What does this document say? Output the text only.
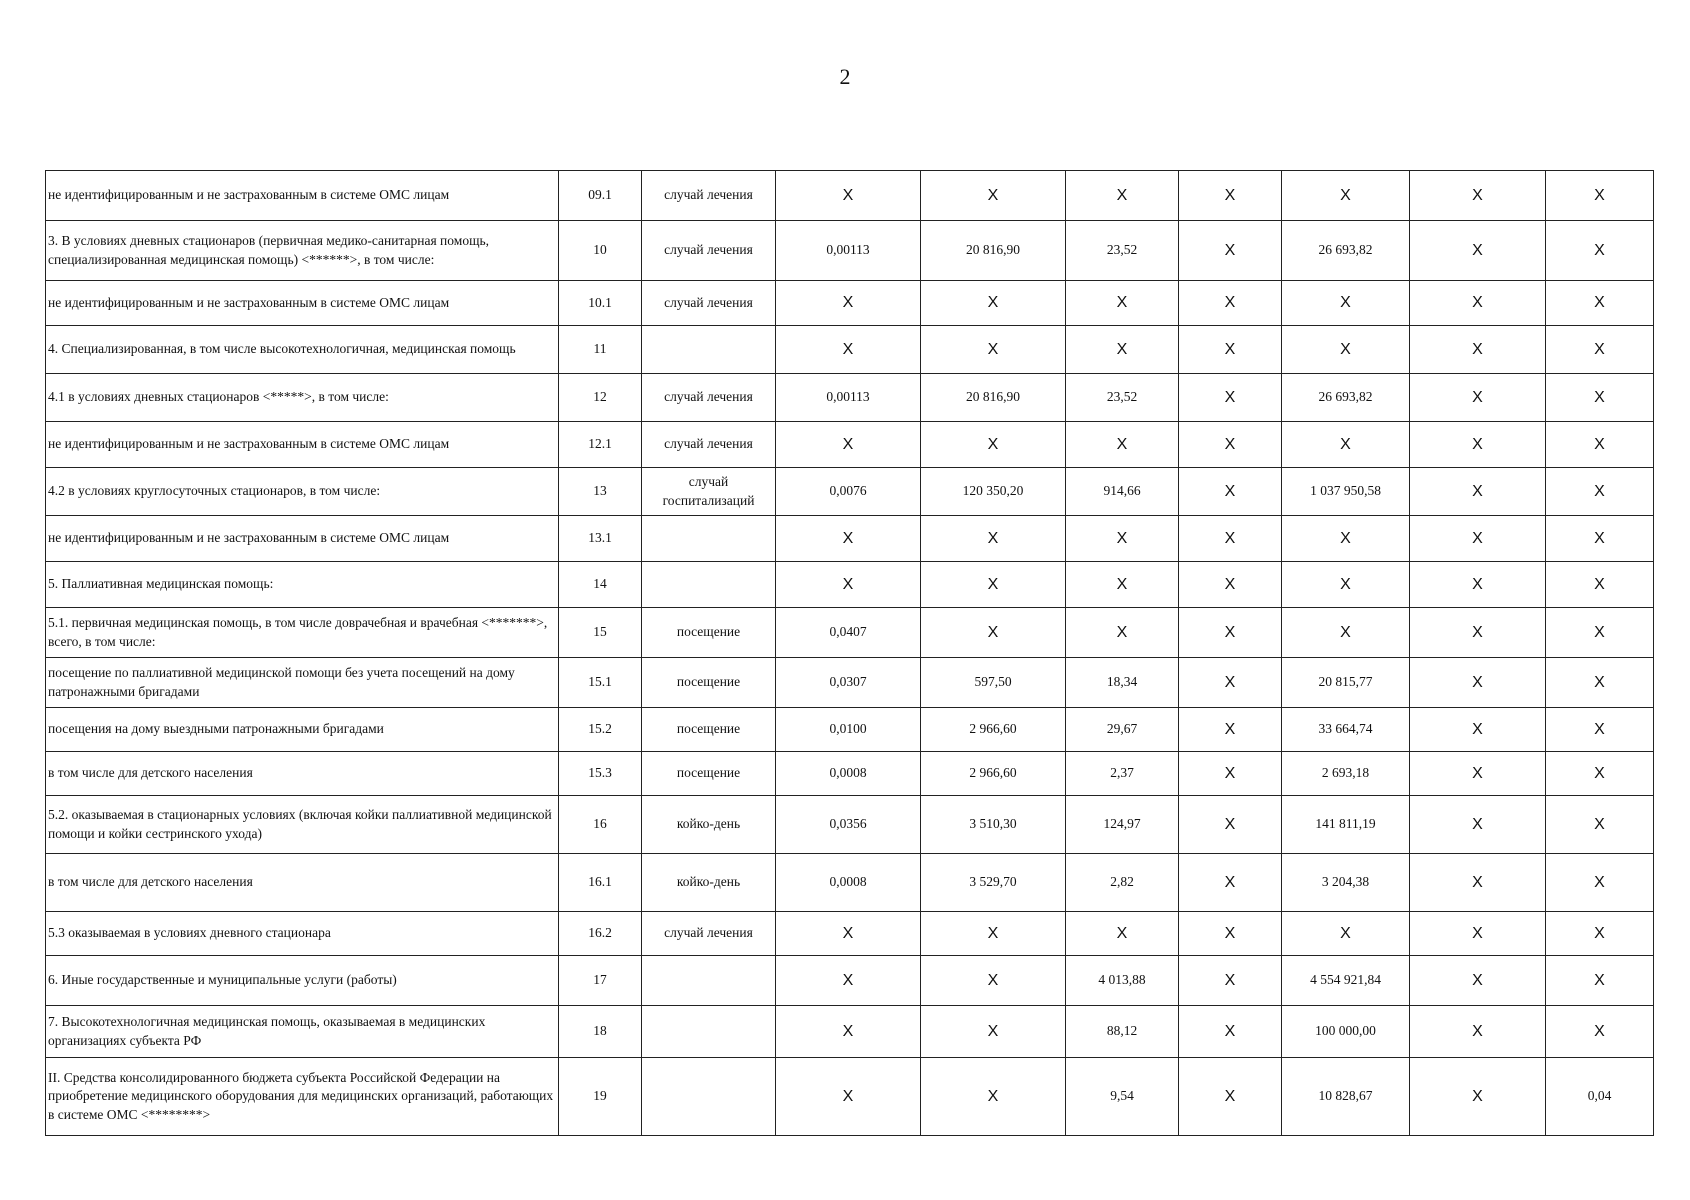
2
не идентифицированным и не застрахованным в системе ОМС лицам	09.1	случай лечения	X	X	X	X	X	X	X
3. В условиях дневных стационаров (первичная медико-санитарная помощь, специализированная медицинская помощь) <******>, в том числе:	10	случай лечения	0,00113	20 816,90	23,52	X	26 693,82	X	X
не идентифицированным и не застрахованным в системе ОМС лицам	10.1	случай лечения	X	X	X	X	X	X	X
4. Специализированная, в том числе высокотехнологичная, медицинская помощь	11		X	X	X	X	X	X	X
4.1 в условиях дневных стационаров <*****>, в том числе:	12	случай лечения	0,00113	20 816,90	23,52	X	26 693,82	X	X
не идентифицированным и не застрахованным в системе ОМС лицам	12.1	случай лечения	X	X	X	X	X	X	X
4.2 в условиях круглосуточных стационаров, в том числе:	13	случай госпитализаций	0,0076	120 350,20	914,66	X	1 037 950,58	X	X
не идентифицированным и не застрахованным в системе ОМС лицам	13.1		X	X	X	X	X	X	X
5. Паллиативная медицинская помощь:	14		X	X	X	X	X	X	X
5.1. первичная медицинская помощь, в том числе доврачебная и врачебная <*******>, всего, в том числе:	15	посещение	0,0407	X	X	X	X	X	X
посещение по паллиативной медицинской помощи без учета посещений на дому патронажными бригадами	15.1	посещение	0,0307	597,50	18,34	X	20 815,77	X	X
посещения на дому выездными патронажными бригадами	15.2	посещение	0,0100	2 966,60	29,67	X	33 664,74	X	X
в том числе для детского населения	15.3	посещение	0,0008	2 966,60	2,37	X	2 693,18	X	X
5.2. оказываемая в стационарных условиях (включая койки паллиативной медицинской помощи и койки сестринского ухода)	16	койко-день	0,0356	3 510,30	124,97	X	141 811,19	X	X
в том числе для детского населения	16.1	койко-день	0,0008	3 529,70	2,82	X	3 204,38	X	X
5.3 оказываемая в условиях дневного стационара	16.2	случай лечения	X	X	X	X	X	X	X
6. Иные государственные и муниципальные услуги (работы)	17		X	X	4 013,88	X	4 554 921,84	X	X
7. Высокотехнологичная медицинская помощь, оказываемая в медицинских организациях субъекта РФ	18		X	X	88,12	X	100 000,00	X	X
II. Средства консолидированного бюджета субъекта Российской Федерации на приобретение медицинского оборудования для медицинских организаций, работающих в системе ОМС <********>	19		X	X	9,54	X	10 828,67	X	0,04
